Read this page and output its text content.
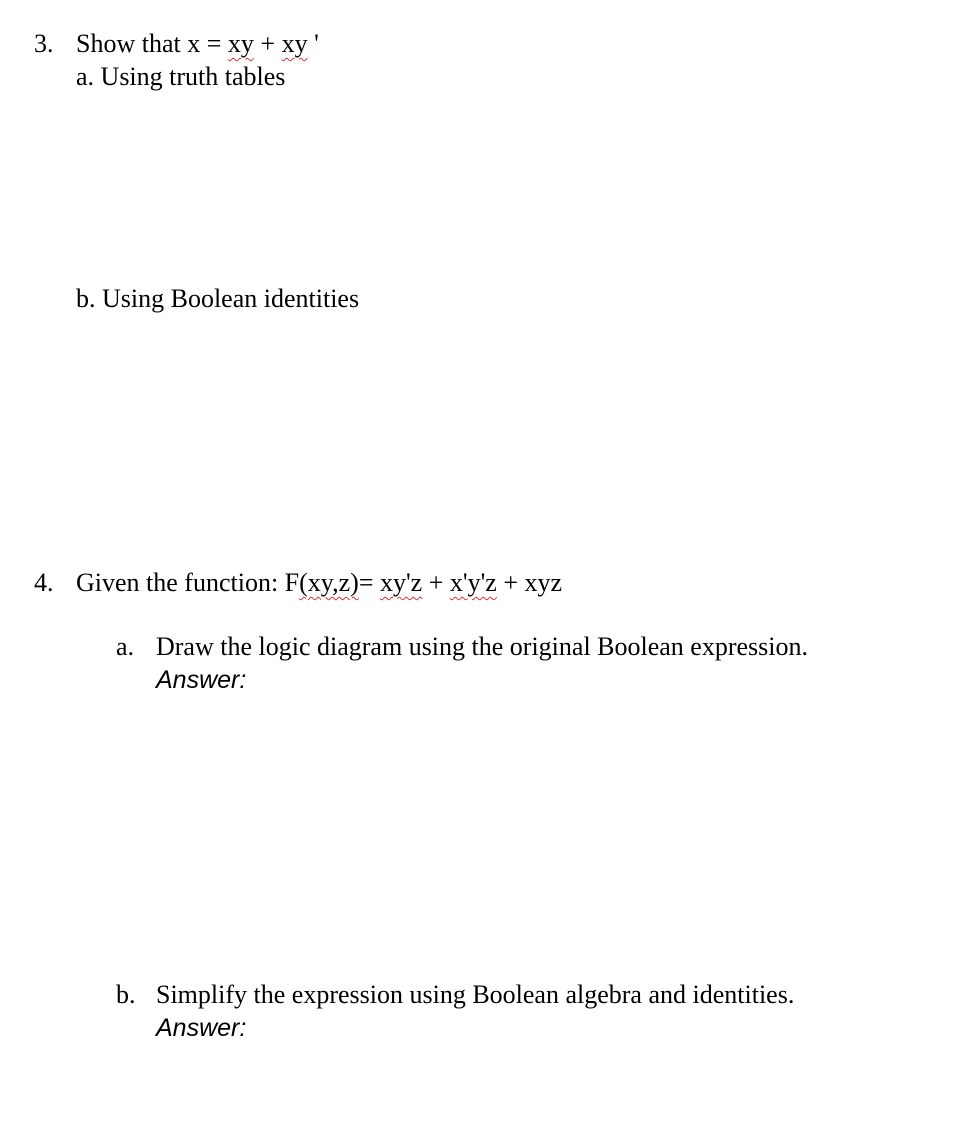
3. Show that x = xy + xy '
a. Using truth tables
b. Using Boolean identities
4. Given the function: F(xy,z)= xy'z + x'y'z + xyz
a. Draw the logic diagram using the original Boolean expression.
Answer:
b. Simplify the expression using Boolean algebra and identities.
Answer:
